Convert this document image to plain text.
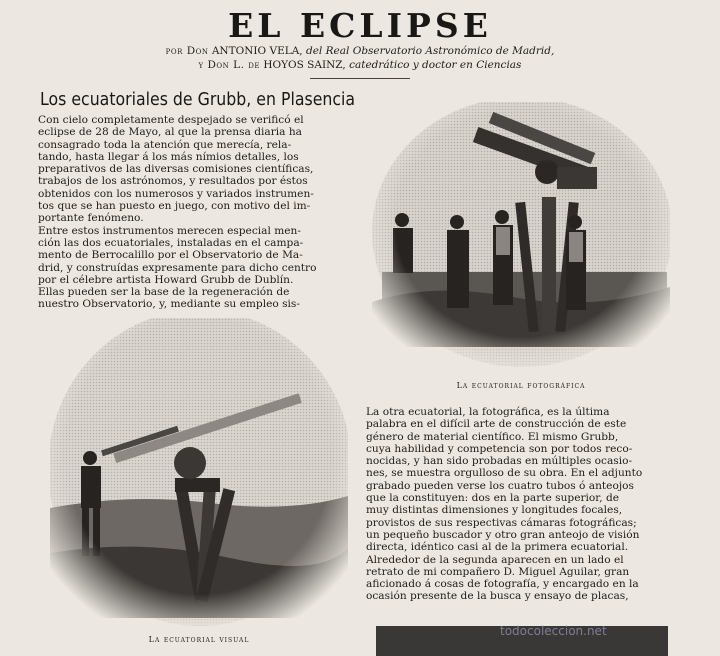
EL ECLIPSE
por Don ANTONIO VELA, del Real Observatorio Astronómico de Madrid,
y Don L. de HOYOS SAINZ, catedrático y doctor en Ciencias
Los ecuatoriales de Grubb, en Plasencia

Con cielo completamente despejado se verificó el

eclipse de 28 de Mayo, al que la prensa diaria ha

consagrado toda la atención que merecía, rela-

tando, hasta llegar á los más nímios detalles, los

preparativos de las diversas comisiones científicas,

trabajos de los astrónomos, y resultados por éstos

obtenidos con los numerosos y variados instrumen-

tos que se han puesto en juego, con motivo del im-

portante fenómeno.

Entre estos instrumentos merecen especial men-

ción las dos ecuatoriales, instaladas en el campa-

mento de Berrocalillo por el Observatorio de Ma-

drid, y construídas expresamente para dicho centro

por el célebre artista Howard Grubb de Dublín.

Ellas pueden ser la base de la regeneración de

nuestro Observatorio, y, mediante su empleo sis-

La ecuatorial fotográfica
La ecuatorial visual

La otra ecuatorial, la fotográfica, es la última

palabra en el difícil arte de construcción de este

género de material científico. El mismo Grubb,

cuya habilidad y competencia son por todos reco-

nocidas, y han sido probadas en múltiples ocasio-

nes, se muestra orgulloso de su obra. En el adjunto

grabado pueden verse los cuatro tubos ó anteojos

que la constituyen: dos en la parte superior, de

muy distintas dimensiones y longitudes focales,

provistos de sus respectivas cámaras fotográficas;

un pequeño buscador y otro gran anteojo de visión

directa, idéntico casi al de la primera ecuatorial.

Alrededor de la segunda aparecen en un lado el

retrato de mi compañero D. Miguel Aguilar, gran

aficionado á cosas de fotografía, y encargado en la

ocasión presente de la busca y ensayo de placas,

todocoleccion.net
